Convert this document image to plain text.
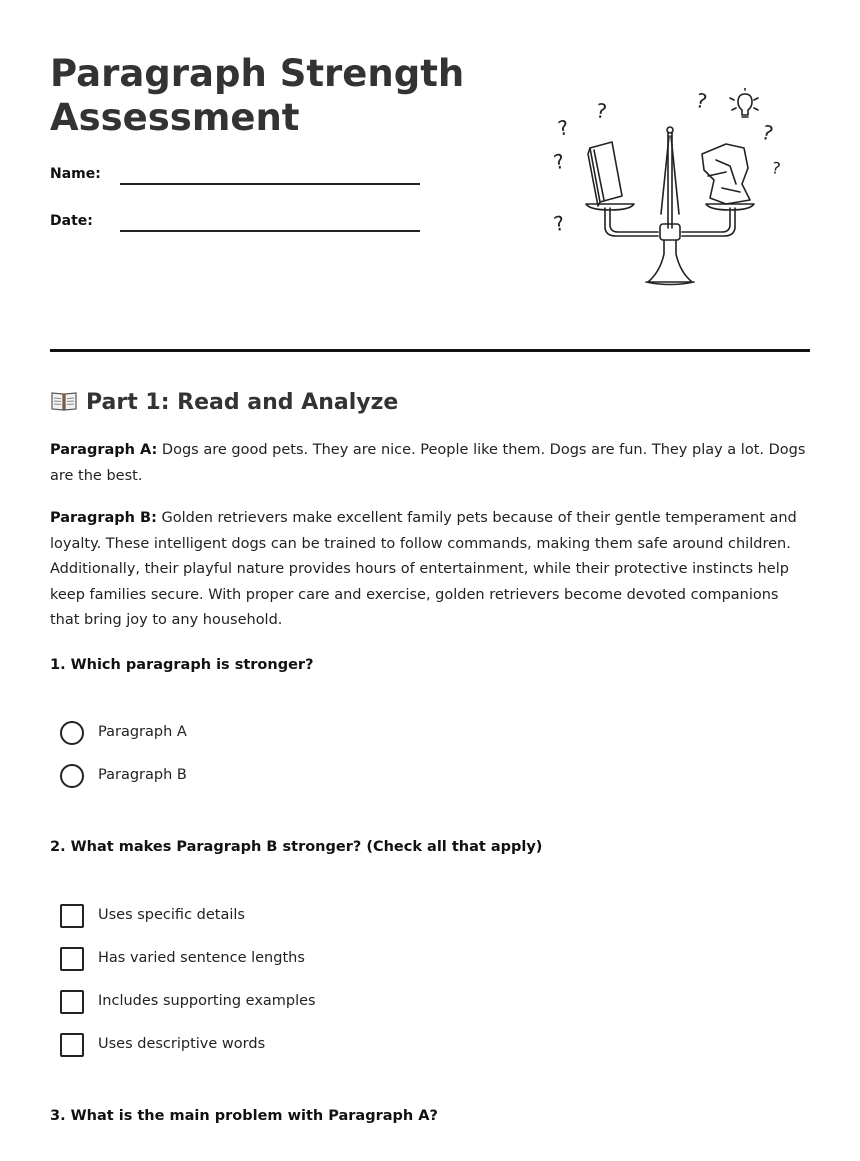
Paragraph Strength Assessment
Name:
Date:
?
?
?
?
?
?
?
Part 1: Read and Analyze

Paragraph A: Dogs are good pets. They are nice. People like them. Dogs are fun. They play a lot. Dogs are the best.

Paragraph B: Golden retrievers make excellent family pets because of their gentle temperament and loyalty. These intelligent dogs can be trained to follow commands, making them safe around children. Additionally, their playful nature provides hours of entertainment, while their protective instincts help keep families secure. With proper care and exercise, golden retrievers become devoted companions that bring joy to any household.

1. Which paragraph is stronger?
Paragraph A
Paragraph B
2. What makes Paragraph B stronger? (Check all that apply)
Uses specific details
Has varied sentence lengths
Includes supporting examples
Uses descriptive words
3. What is the main problem with Paragraph A?
